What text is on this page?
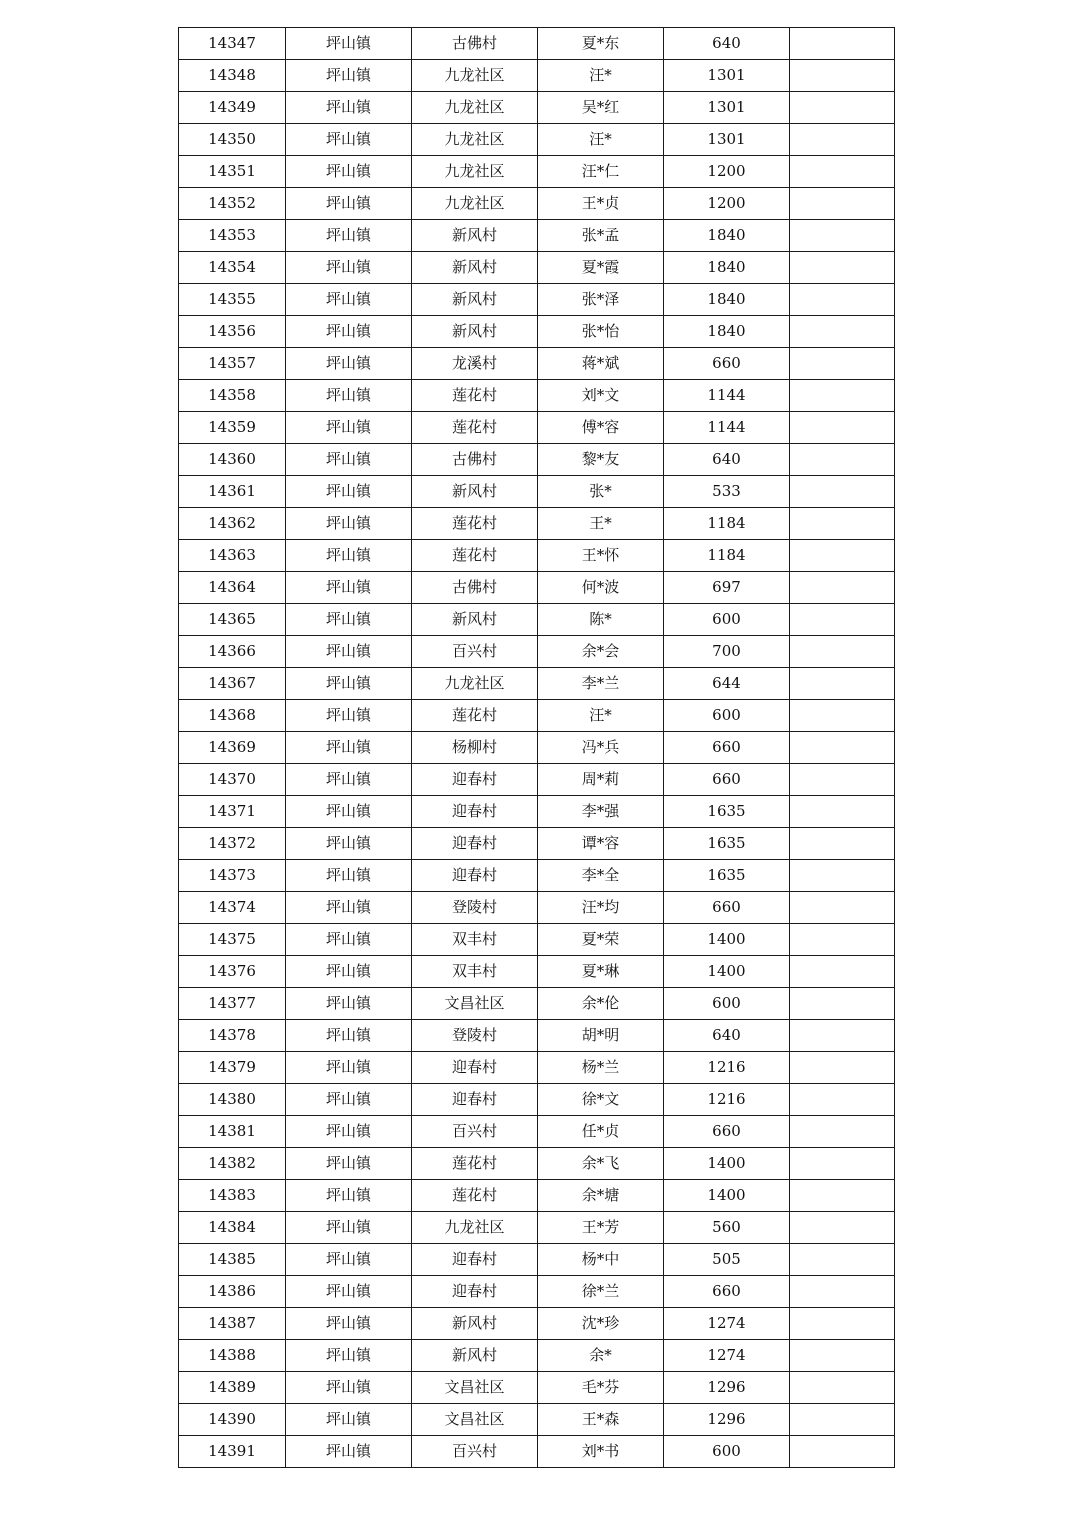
14347	坪山镇	古佛村	夏*东	640	
14348	坪山镇	九龙社区	汪*	1301	
14349	坪山镇	九龙社区	吴*红	1301	
14350	坪山镇	九龙社区	汪*	1301	
14351	坪山镇	九龙社区	汪*仁	1200	
14352	坪山镇	九龙社区	王*贞	1200	
14353	坪山镇	新风村	张*孟	1840	
14354	坪山镇	新风村	夏*霞	1840	
14355	坪山镇	新风村	张*泽	1840	
14356	坪山镇	新风村	张*怡	1840	
14357	坪山镇	龙溪村	蒋*斌	660	
14358	坪山镇	莲花村	刘*文	1144	
14359	坪山镇	莲花村	傅*容	1144	
14360	坪山镇	古佛村	黎*友	640	
14361	坪山镇	新风村	张*	533	
14362	坪山镇	莲花村	王*	1184	
14363	坪山镇	莲花村	王*怀	1184	
14364	坪山镇	古佛村	何*波	697	
14365	坪山镇	新风村	陈*	600	
14366	坪山镇	百兴村	余*会	700	
14367	坪山镇	九龙社区	李*兰	644	
14368	坪山镇	莲花村	汪*	600	
14369	坪山镇	杨柳村	冯*兵	660	
14370	坪山镇	迎春村	周*莉	660	
14371	坪山镇	迎春村	李*强	1635	
14372	坪山镇	迎春村	谭*容	1635	
14373	坪山镇	迎春村	李*全	1635	
14374	坪山镇	登陵村	汪*均	660	
14375	坪山镇	双丰村	夏*荣	1400	
14376	坪山镇	双丰村	夏*琳	1400	
14377	坪山镇	文昌社区	余*伦	600	
14378	坪山镇	登陵村	胡*明	640	
14379	坪山镇	迎春村	杨*兰	1216	
14380	坪山镇	迎春村	徐*文	1216	
14381	坪山镇	百兴村	任*贞	660	
14382	坪山镇	莲花村	余*飞	1400	
14383	坪山镇	莲花村	余*塘	1400	
14384	坪山镇	九龙社区	王*芳	560	
14385	坪山镇	迎春村	杨*中	505	
14386	坪山镇	迎春村	徐*兰	660	
14387	坪山镇	新风村	沈*珍	1274	
14388	坪山镇	新风村	余*	1274	
14389	坪山镇	文昌社区	毛*芬	1296	
14390	坪山镇	文昌社区	王*森	1296	
14391	坪山镇	百兴村	刘*书	600	
